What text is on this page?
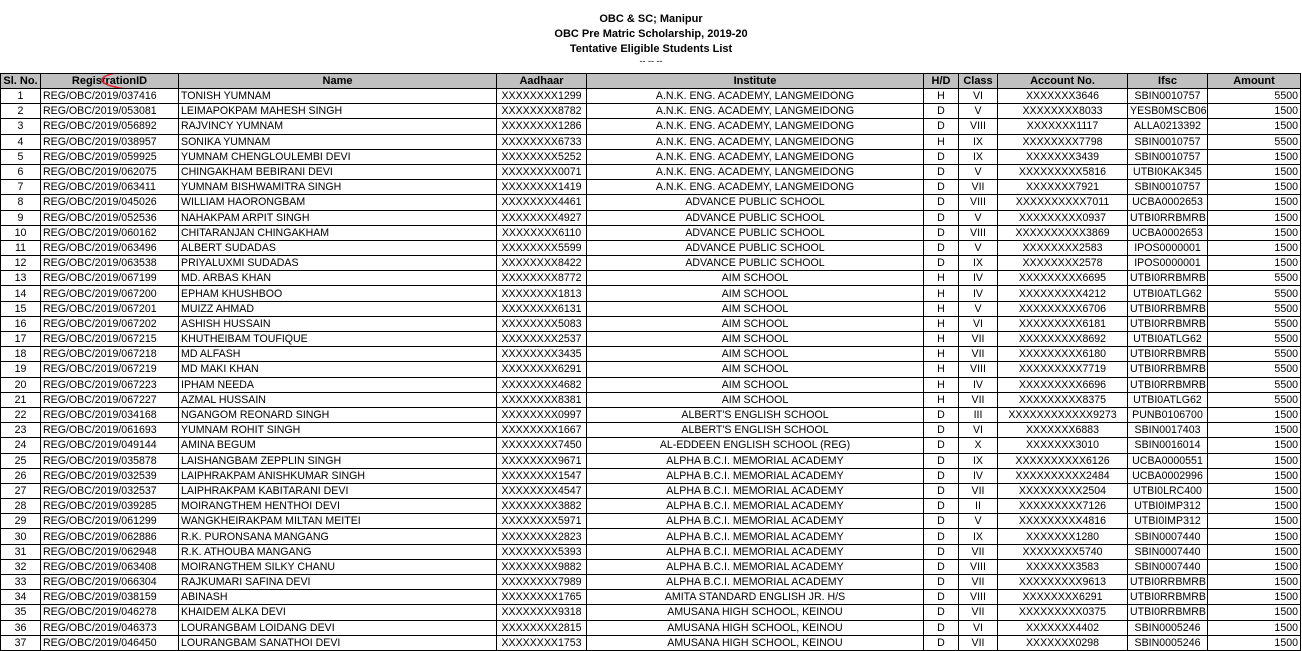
OBC & SC; Manipur
OBC Pre Matric Scholarship, 2019-20
Tentative Eligible Students List
-- -- --
Sl. No.	RegistrationID	Name	Aadhaar	Institute	H/D	Class	Account No.	Ifsc	Amount
1	REG/OBC/2019/037416	TONISH YUMNAM	XXXXXXXX1299	A.N.K. ENG. ACADEMY, LANGMEIDONG	H	VI	XXXXXXX3646	SBIN0010757	5500
2	REG/OBC/2019/053081	LEIMAPOKPAM MAHESH SINGH	XXXXXXXX8782	A.N.K. ENG. ACADEMY, LANGMEIDONG	D	V	XXXXXXXX8033	YESB0MSCB06	1500
3	REG/OBC/2019/056892	RAJVINCY YUMNAM	XXXXXXXX1286	A.N.K. ENG. ACADEMY, LANGMEIDONG	D	VIII	XXXXXXX1117	ALLA0213392	1500
4	REG/OBC/2019/038957	SONIKA YUMNAM	XXXXXXXX6733	A.N.K. ENG. ACADEMY, LANGMEIDONG	H	IX	XXXXXXXX7798	SBIN0010757	5500
5	REG/OBC/2019/059925	YUMNAM CHENGLOULEMBI DEVI	XXXXXXXX5252	A.N.K. ENG. ACADEMY, LANGMEIDONG	D	IX	XXXXXXX3439	SBIN0010757	1500
6	REG/OBC/2019/062075	CHINGAKHAM BEBIRANI DEVI	XXXXXXXX0071	A.N.K. ENG. ACADEMY, LANGMEIDONG	D	V	XXXXXXXXX5816	UTBI0KAK345	1500
7	REG/OBC/2019/063411	YUMNAM BISHWAMITRA SINGH	XXXXXXXX1419	A.N.K. ENG. ACADEMY, LANGMEIDONG	D	VII	XXXXXXX7921	SBIN0010757	1500
8	REG/OBC/2019/045026	WILLIAM HAORONGBAM	XXXXXXXX4461	ADVANCE PUBLIC SCHOOL	D	VIII	XXXXXXXXXX7011	UCBA0002653	1500
9	REG/OBC/2019/052536	NAHAKPAM ARPIT SINGH	XXXXXXXX4927	ADVANCE PUBLIC SCHOOL	D	V	XXXXXXXXX0937	UTBI0RRBMRB	1500
10	REG/OBC/2019/060162	CHITARANJAN CHINGAKHAM	XXXXXXXX6110	ADVANCE PUBLIC SCHOOL	D	VIII	XXXXXXXXXX3869	UCBA0002653	1500
11	REG/OBC/2019/063496	ALBERT SUDADAS	XXXXXXXX5599	ADVANCE PUBLIC SCHOOL	D	V	XXXXXXXX2583	IPOS0000001	1500
12	REG/OBC/2019/063538	PRIYALUXMI SUDADAS	XXXXXXXX8422	ADVANCE PUBLIC SCHOOL	D	IX	XXXXXXXX2578	IPOS0000001	1500
13	REG/OBC/2019/067199	MD. ARBAS KHAN	XXXXXXXX8772	AIM SCHOOL	H	IV	XXXXXXXXX6695	UTBI0RRBMRB	5500
14	REG/OBC/2019/067200	EPHAM KHUSHBOO	XXXXXXXX1813	AIM SCHOOL	H	IV	XXXXXXXXX4212	UTBI0ATLG62	5500
15	REG/OBC/2019/067201	MUIZZ AHMAD	XXXXXXXX6131	AIM SCHOOL	H	V	XXXXXXXXX6706	UTBI0RRBMRB	5500
16	REG/OBC/2019/067202	ASHISH HUSSAIN	XXXXXXXX5083	AIM SCHOOL	H	VI	XXXXXXXXX6181	UTBI0RRBMRB	5500
17	REG/OBC/2019/067215	KHUTHEIBAM TOUFIQUE	XXXXXXXX2537	AIM SCHOOL	H	VII	XXXXXXXXX8692	UTBI0ATLG62	5500
18	REG/OBC/2019/067218	MD ALFASH	XXXXXXXX3435	AIM SCHOOL	H	VII	XXXXXXXXX6180	UTBI0RRBMRB	5500
19	REG/OBC/2019/067219	MD MAKI KHAN	XXXXXXXX6291	AIM SCHOOL	H	VIII	XXXXXXXXX7719	UTBI0RRBMRB	5500
20	REG/OBC/2019/067223	IPHAM NEEDA	XXXXXXXX4682	AIM SCHOOL	H	IV	XXXXXXXXX6696	UTBI0RRBMRB	5500
21	REG/OBC/2019/067227	AZMAL HUSSAIN	XXXXXXXX8381	AIM SCHOOL	H	VII	XXXXXXXXX8375	UTBI0ATLG62	5500
22	REG/OBC/2019/034168	NGANGOM REONARD SINGH	XXXXXXXX0997	ALBERT'S ENGLISH SCHOOL	D	III	XXXXXXXXXXXX9273	PUNB0106700	1500
23	REG/OBC/2019/061693	YUMNAM ROHIT SINGH	XXXXXXXX1667	ALBERT'S ENGLISH SCHOOL	D	VI	XXXXXXX6883	SBIN0017403	1500
24	REG/OBC/2019/049144	AMINA BEGUM	XXXXXXXX7450	AL-EDDEEN ENGLISH SCHOOL (REG)	D	X	XXXXXXX3010	SBIN0016014	1500
25	REG/OBC/2019/035878	LAISHANGBAM ZEPPLIN SINGH	XXXXXXXX9671	ALPHA B.C.I. MEMORIAL ACADEMY	D	IX	XXXXXXXXXX6126	UCBA0000551	1500
26	REG/OBC/2019/032539	LAIPHRAKPAM ANISHKUMAR SINGH	XXXXXXXX1547	ALPHA B.C.I. MEMORIAL ACADEMY	D	IV	XXXXXXXXXX2484	UCBA0002996	1500
27	REG/OBC/2019/032537	LAIPHRAKPAM KABITARANI DEVI	XXXXXXXX4547	ALPHA B.C.I. MEMORIAL ACADEMY	D	VII	XXXXXXXXX2504	UTBI0LRC400	1500
28	REG/OBC/2019/039285	MOIRANGTHEM HENTHOI DEVI	XXXXXXXX3882	ALPHA B.C.I. MEMORIAL ACADEMY	D	II	XXXXXXXXX7126	UTBI0IMP312	1500
29	REG/OBC/2019/061299	WANGKHEIRAKPAM MILTAN MEITEI	XXXXXXXX5971	ALPHA B.C.I. MEMORIAL ACADEMY	D	V	XXXXXXXXX4816	UTBI0IMP312	1500
30	REG/OBC/2019/062886	R.K. PURONSANA MANGANG	XXXXXXXX2823	ALPHA B.C.I. MEMORIAL ACADEMY	D	IX	XXXXXXX1280	SBIN0007440	1500
31	REG/OBC/2019/062948	R.K. ATHOUBA MANGANG	XXXXXXXX5393	ALPHA B.C.I. MEMORIAL ACADEMY	D	VII	XXXXXXXX5740	SBIN0007440	1500
32	REG/OBC/2019/063408	MOIRANGTHEM SILKY CHANU	XXXXXXXX9882	ALPHA B.C.I. MEMORIAL ACADEMY	D	VIII	XXXXXXX3583	SBIN0007440	1500
33	REG/OBC/2019/066304	RAJKUMARI SAFINA DEVI	XXXXXXXX7989	ALPHA B.C.I. MEMORIAL ACADEMY	D	VII	XXXXXXXXX9613	UTBI0RRBMRB	1500
34	REG/OBC/2019/038159	ABINASH	XXXXXXXX1765	AMITA STANDARD ENGLISH JR. H/S	D	VIII	XXXXXXXX6291	UTBI0RRBMRB	1500
35	REG/OBC/2019/046278	KHAIDEM ALKA DEVI	XXXXXXXX9318	AMUSANA HIGH SCHOOL, KEINOU	D	VII	XXXXXXXXX0375	UTBI0RRBMRB	1500
36	REG/OBC/2019/046373	LOURANGBAM LOIDANG DEVI	XXXXXXXX2815	AMUSANA HIGH SCHOOL, KEINOU	D	VI	XXXXXXX4402	SBIN0005246	1500
37	REG/OBC/2019/046450	LOURANGBAM SANATHOI DEVI	XXXXXXXX1753	AMUSANA HIGH SCHOOL, KEINOU	D	VII	XXXXXXX0298	SBIN0005246	1500
